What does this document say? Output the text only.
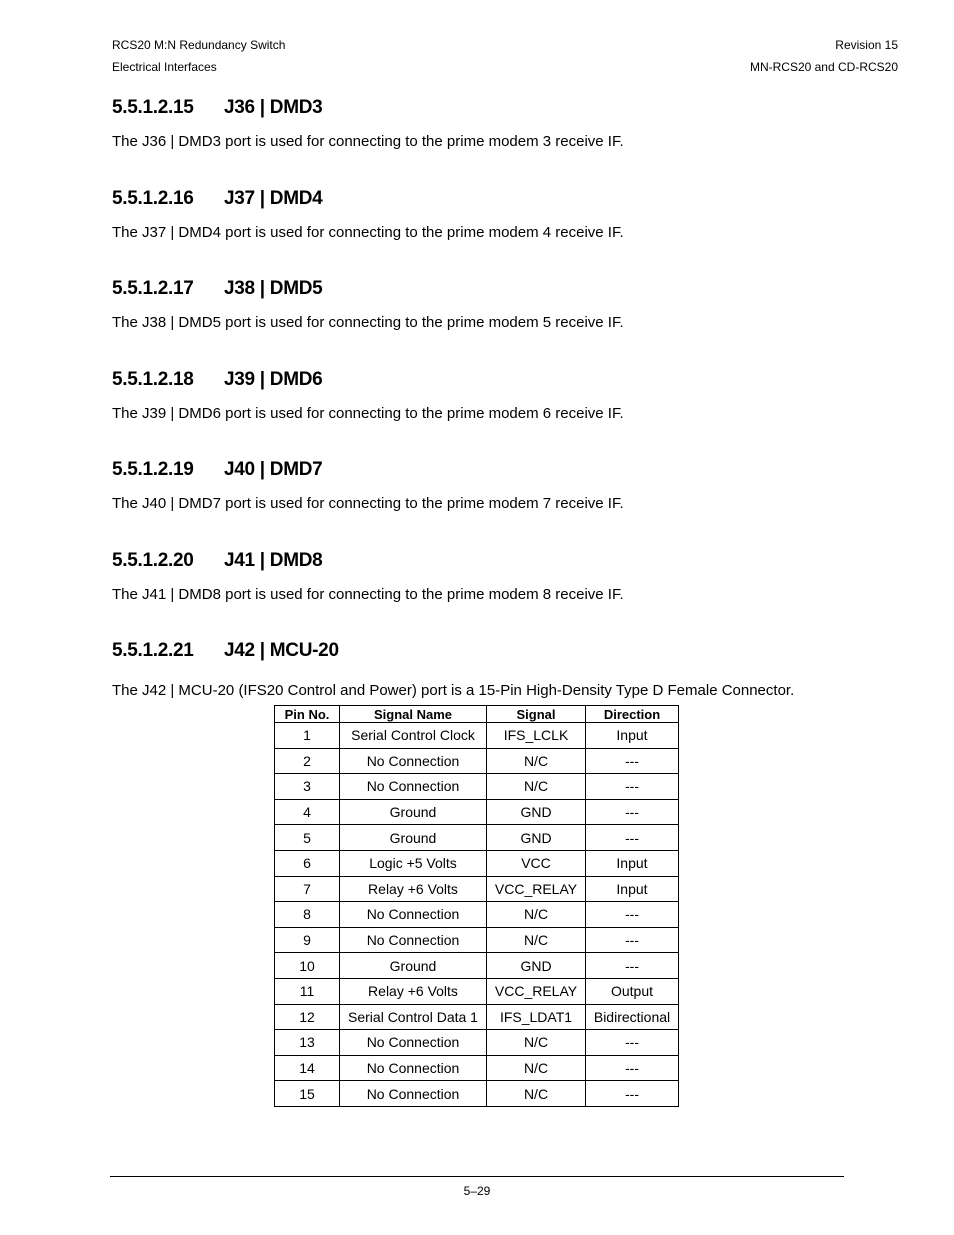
RCS20 M:N Redundancy Switch
Electrical Interfaces
Revision 15
MN-RCS20 and CD-RCS20
5.5.1.2.15 J36 | DMD3

The J36 | DMD3 port is used for connecting to the prime modem 3 receive IF.

5.5.1.2.16 J37 | DMD4

The J37 | DMD4 port is used for connecting to the prime modem 4 receive IF.

5.5.1.2.17 J38 | DMD5

The J38 | DMD5 port is used for connecting to the prime modem 5 receive IF.

5.5.1.2.18 J39 | DMD6

The J39 | DMD6 port is used for connecting to the prime modem 6 receive IF.

5.5.1.2.19 J40 | DMD7

The J40 | DMD7 port is used for connecting to the prime modem 7 receive IF.

5.5.1.2.20 J41 | DMD8

The J41 | DMD8 port is used for connecting to the prime modem 8 receive IF.

5.5.1.2.21 J42 | MCU-20
The J42 | MCU-20 (IFS20 Control and Power) port is a 15-Pin High-Density Type D Female Connector.
Pin No.	Signal Name	Signal	Direction
1	Serial Control Clock	IFS_LCLK	Input
2	No Connection	N/C	---
3	No Connection	N/C	---
4	Ground	GND	---
5	Ground	GND	---
6	Logic +5 Volts	VCC	Input
7	Relay +6 Volts	VCC_RELAY	Input
8	No Connection	N/C	---
9	No Connection	N/C	---
10	Ground	GND	---
11	Relay +6 Volts	VCC_RELAY	Output
12	Serial Control Data 1	IFS_LDAT1	Bidirectional
13	No Connection	N/C	---
14	No Connection	N/C	---
15	No Connection	N/C	---
5–29
